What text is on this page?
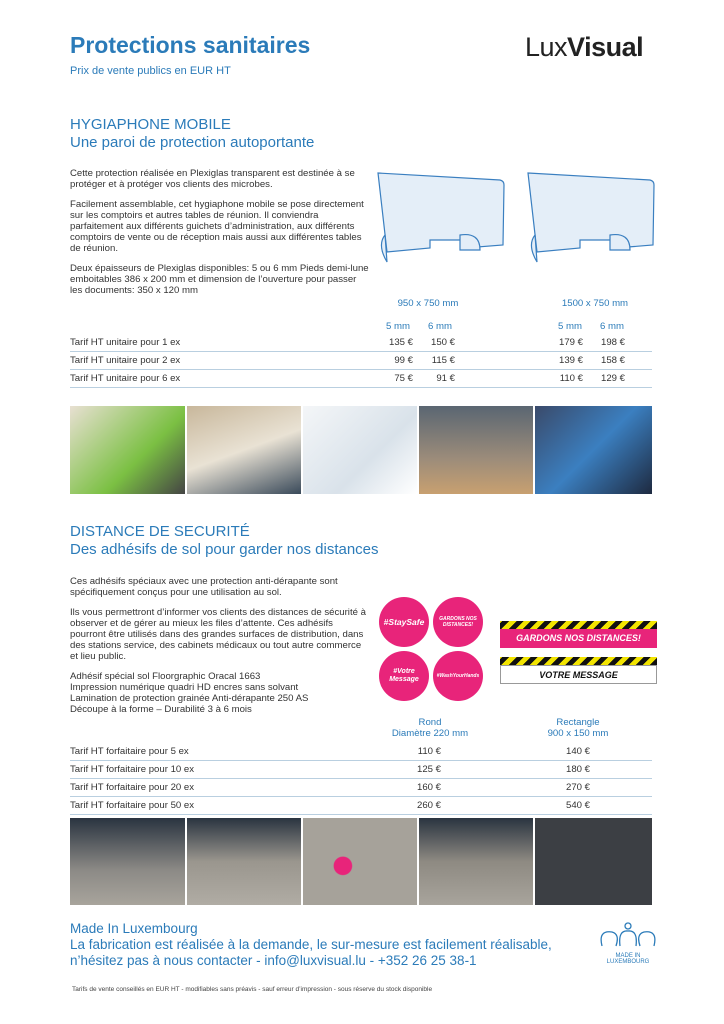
Protections sanitaires
Prix de vente publics en EUR HT
LuxVisual
HYGIAPHONE MOBILE
Une paroi de protection autoportante

Cette protection réalisée en Plexiglas transparent est destinée à se protéger et à protéger vos clients des microbes.

Facilement assemblable, cet hygiaphone mobile se pose directement sur les comptoirs et autres tables de réunion. Il conviendra parfaitement aux différents guichets d’administration, aux différents comptoirs de vente ou de réception mais aussi aux différentes tables de réunion.

Deux épaisseurs de Plexiglas disponibles: 5 ou 6 mm Pieds demi-lune emboitables 386 x 200 mm et dimension de l’ouverture pour passer les documents: 350 x 120 mm

950 x 750 mm	1500 x 750 mm
5 mm 6 mm	5 mm 6 mm
Tarif HT unitaire pour 1 ex	135 €	150 €	179 €	198 €
Tarif HT unitaire pour 2 ex	99 €	115 €	139 €	158 €
Tarif HT unitaire pour 6 ex	75 €	91 €	110 €	129 €
DISTANCE DE SECURITÉ
Des adhésifs de sol pour garder nos distances

Ces adhésifs spéciaux avec une protection anti-dérapante sont spécifiquement conçus pour une utilisation au sol.

Ils vous permettront d’informer vos clients des distances de sécurité à observer et de gérer au mieux les files d’attente. Ces adhésifs pourront être utilisés dans des grandes surfaces de distribution, dans des stations service, des cabinets médicaux ou tout autre commerce et lieu public.

Adhésif spécial sol Floorgraphic Oracal 1663
Impression numérique quadri HD encres sans solvant
Lamination de protection grainée Anti-dérapante 250 AS
Découpe à la forme – Durabilité 3 à 6 mois

#StaySafe	GARDONS NOS DISTANCES!
#Votre Message	#WashYourHands
GARDONS NOS DISTANCES!
VOTRE MESSAGE
Rond
Diamètre 220 mm
Rectangle
900 x 150 mm
Tarif HT forfaitaire pour 5 ex	110 €	140 €
Tarif HT forfaitaire pour 10 ex	125 €	180 €
Tarif HT forfaitaire pour 20 ex	160 €	270 €
Tarif HT forfaitaire pour 50 ex	260 €	540 €
Made In Luxembourg
La fabrication est réalisée à la demande, le sur-mesure est facilement réalisable,
n’hésitez pas à nous contacter - info@luxvisual.lu - +352 26 25 38-1	MADE IN LUXEMBOURG
Tarifs de vente conseillés en EUR HT - modifiables sans préavis - sauf erreur d’impression - sous réserve du stock disponible
